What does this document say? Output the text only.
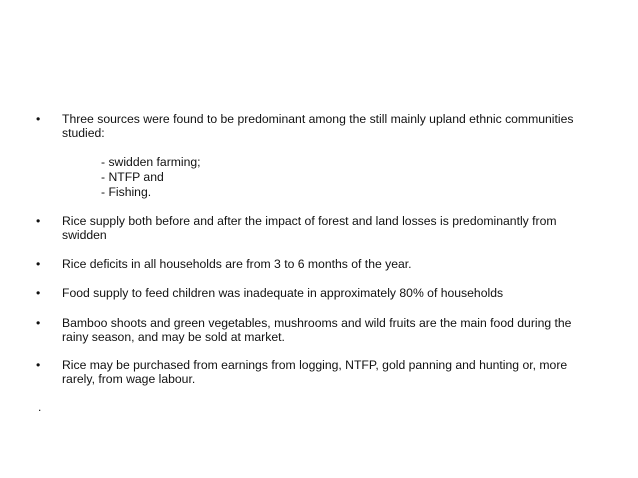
•	Three sources were found to be predominant among the still mainly upland ethnic communities studied:
- swidden farming;
- NTFP and
- Fishing.
•	Rice supply both before and after the impact of forest and land losses is predominantly from swidden
•	Rice deficits in all households are from 3 to 6 months of the year.
•	Food supply to feed children was inadequate in approximately 80% of households
•	Bamboo shoots and green vegetables, mushrooms and wild fruits are the main food during the rainy season, and may be sold at market.
•	Rice may be purchased from earnings from logging, NTFP, gold panning and hunting or, more rarely, from wage labour.
.
